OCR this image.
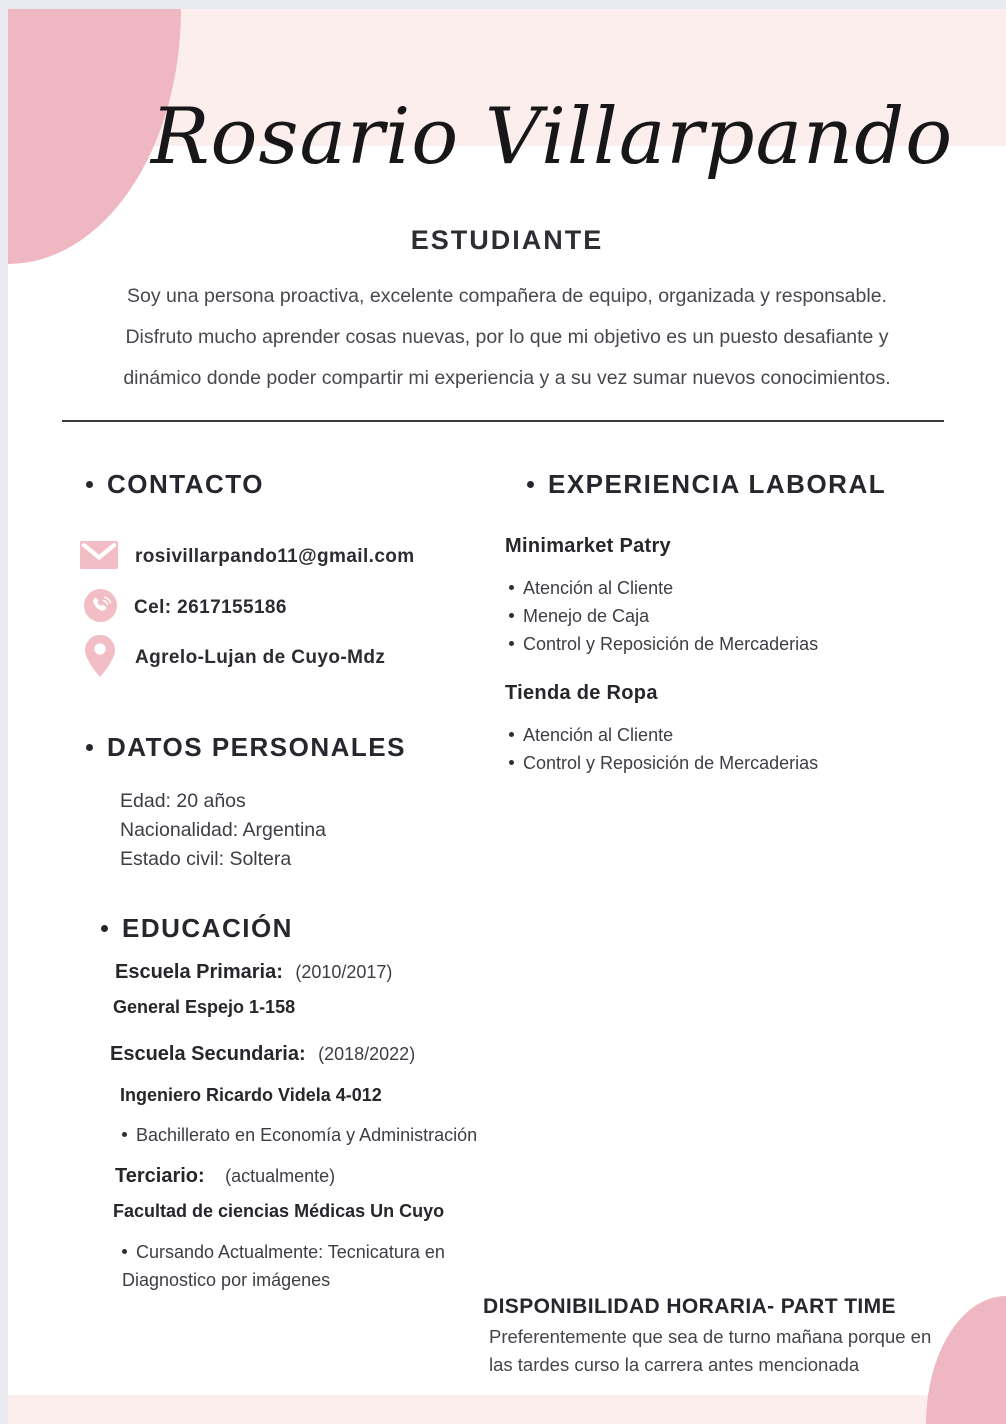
Rosario Villarpando
ESTUDIANTE
Soy una persona proactiva, excelente compañera de equipo, organizada y responsable. Disfruto mucho aprender cosas nuevas, por lo que mi objetivo es un puesto desafiante y dinámico donde poder compartir mi experiencia y a su vez sumar nuevos conocimientos.
CONTACTO
rosivillarpando11@gmail.com
Cel: 2617155186
Agrelo-Lujan de Cuyo-Mdz
DATOS PERSONALES
Edad: 20 años
Nacionalidad: Argentina
Estado civil: Soltera
EDUCACIÓN
Escuela Primaria: (2010/2017)
General Espejo 1-158
Escuela Secundaria: (2018/2022)
Ingeniero Ricardo Videla 4-012
Bachillerato en Economía y Administración
Terciario: (actualmente)
Facultad de ciencias Médicas Un Cuyo
Cursando Actualmente: Tecnicatura en Diagnostico por imágenes
EXPERIENCIA LABORAL
Minimarket Patry
Atención al Cliente
Menejo de Caja
Control y Reposición de Mercaderias
Tienda de Ropa
Atención al Cliente
Control y Reposición de Mercaderias
DISPONIBILIDAD HORARIA- PART TIME
Preferentemente que sea de turno mañana porque en las tardes curso la carrera antes mencionada
